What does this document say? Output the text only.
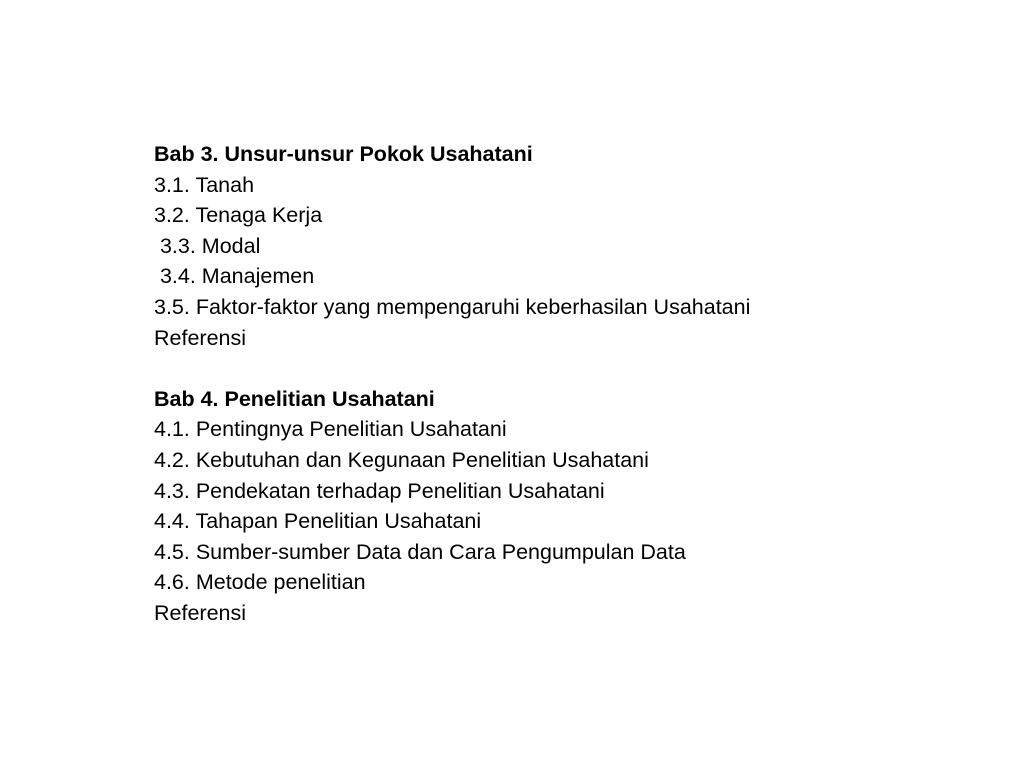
Bab 3. Unsur-unsur Pokok Usahatani
3.1. Tanah
3.2. Tenaga Kerja
3.3. Modal
3.4. Manajemen
3.5. Faktor-faktor yang mempengaruhi keberhasilan Usahatani
Referensi
Bab 4. Penelitian Usahatani
4.1. Pentingnya Penelitian Usahatani
4.2. Kebutuhan dan Kegunaan Penelitian Usahatani
4.3. Pendekatan terhadap Penelitian Usahatani
4.4. Tahapan Penelitian Usahatani
4.5. Sumber-sumber Data dan Cara Pengumpulan Data
4.6. Metode penelitian
Referensi
